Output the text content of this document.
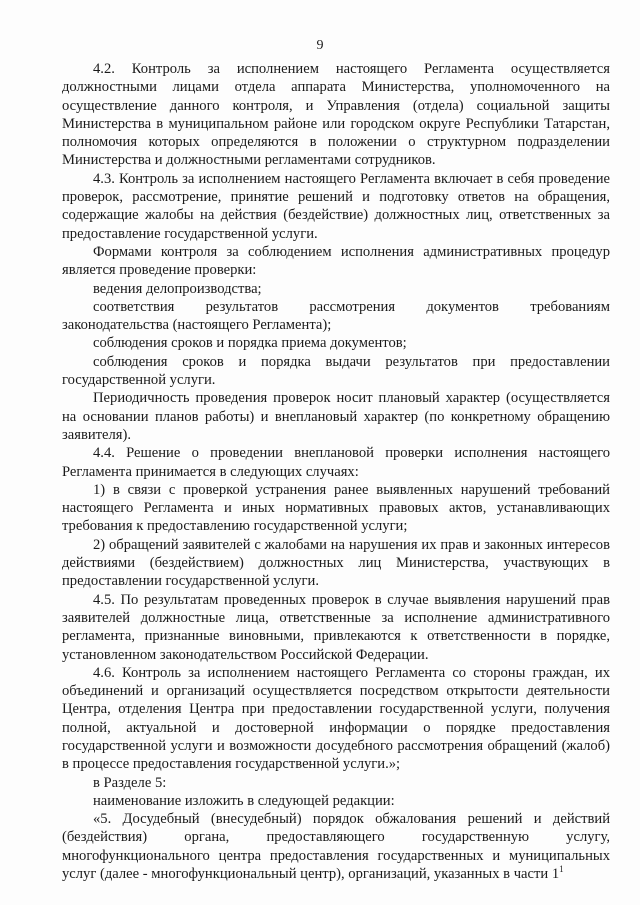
9

4.2. Контроль за исполнением настоящего Регламента осуществляется должностными лицами отдела аппарата Министерства, уполномоченного на осуществление данного контроля, и Управления (отдела) социальной защиты Министерства в муниципальном районе или городском округе Республики Татарстан, полномочия которых определяются в положении о структурном подразделении Министерства и должностными регламентами сотрудников.

4.3. Контроль за исполнением настоящего Регламента включает в себя проведение проверок, рассмотрение, принятие решений и подготовку ответов на обращения, содержащие жалобы на действия (бездействие) должностных лиц, ответственных за предоставление государственной услуги.

Формами контроля за соблюдением исполнения административных процедур является проведение проверки:

ведения делопроизводства;

соответствия результатов рассмотрения документов требованиям законодательства (настоящего Регламента);

соблюдения сроков и порядка приема документов;

соблюдения сроков и порядка выдачи результатов при предоставлении государственной услуги.

Периодичность проведения проверок носит плановый характер (осуществляется на основании планов работы) и внеплановый характер (по конкретному обращению заявителя).

4.4. Решение о проведении внеплановой проверки исполнения настоящего Регламента принимается в следующих случаях:

1) в связи с проверкой устранения ранее выявленных нарушений требований настоящего Регламента и иных нормативных правовых актов, устанавливающих требования к предоставлению государственной услуги;

2) обращений заявителей с жалобами на нарушения их прав и законных интересов действиями (бездействием) должностных лиц Министерства, участвующих в предоставлении государственной услуги.

4.5. По результатам проведенных проверок в случае выявления нарушений прав заявителей должностные лица, ответственные за исполнение административного регламента, признанные виновными, привлекаются к ответственности в порядке, установленном законодательством Российской Федерации.

4.6. Контроль за исполнением настоящего Регламента со стороны граждан, их объединений и организаций осуществляется посредством открытости деятельности Центра, отделения Центра при предоставлении государственной услуги, получения полной, актуальной и достоверной информации о порядке предоставления государственной услуги и возможности досудебного рассмотрения обращений (жалоб) в процессе предоставления государственной услуги.»;

в Разделе 5:

наименование изложить в следующей редакции:

«5. Досудебный (внесудебный) порядок обжалования решений и действий (бездействия) органа, предоставляющего государственную услугу, многофункционального центра предоставления государственных и муниципальных услуг (далее - многофункциональный центр), организаций, указанных в части $1^1$
